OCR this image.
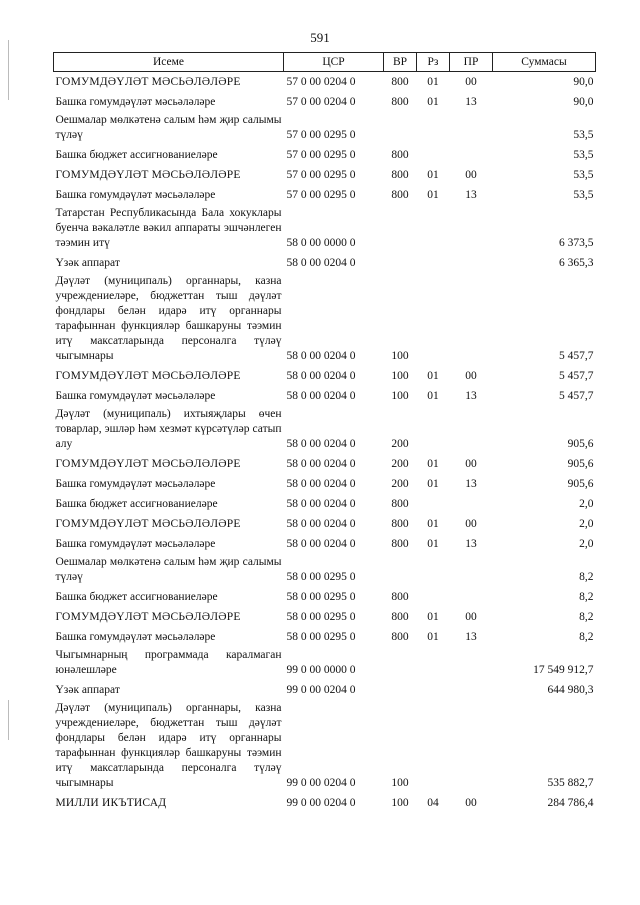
591
Исеме	ЦСР	ВР	Рз	ПР	Суммасы
ГОМУМДӘҮЛӘТ МӘСЬӘЛӘЛӘРЕ	57 0 00 0204 0	800	01	00	90,0
Башка гомумдәүләт мәсьәләләре	57 0 00 0204 0	800	01	13	90,0
Оешмалар мөлкәтенә салым һәм җир салымы түләү	57 0 00 0295 0				53,5
Башка бюджет ассигнованиеләре	57 0 00 0295 0	800			53,5
ГОМУМДӘҮЛӘТ МӘСЬӘЛӘЛӘРЕ	57 0 00 0295 0	800	01	00	53,5
Башка гомумдәүләт мәсьәләләре	57 0 00 0295 0	800	01	13	53,5
Татарстан Республикасында Бала хокуклары буенча вәкаләтле вәкил аппараты эшчәнлеген тәэмин итү	58 0 00 0000 0				6 373,5
Үзәк аппарат	58 0 00 0204 0				6 365,3
Дәүләт (муниципаль) органнары, казна учреждениеләре, бюджеттан тыш дәүләт фондлары белән идарә итү органнары тарафыннан функцияләр башкаруны тәэмин итү максатларында персоналга түләү чыгымнары	58 0 00 0204 0	100			5 457,7
ГОМУМДӘҮЛӘТ МӘСЬӘЛӘЛӘРЕ	58 0 00 0204 0	100	01	00	5 457,7
Башка гомумдәүләт мәсьәләләре	58 0 00 0204 0	100	01	13	5 457,7
Дәүләт (муниципаль) ихтыяҗлары өчен товарлар, эшләр һәм хезмәт күрсәтүләр сатып алу	58 0 00 0204 0	200			905,6
ГОМУМДӘҮЛӘТ МӘСЬӘЛӘЛӘРЕ	58 0 00 0204 0	200	01	00	905,6
Башка гомумдәүләт мәсьәләләре	58 0 00 0204 0	200	01	13	905,6
Башка бюджет ассигнованиеләре	58 0 00 0204 0	800			2,0
ГОМУМДӘҮЛӘТ МӘСЬӘЛӘЛӘРЕ	58 0 00 0204 0	800	01	00	2,0
Башка гомумдәүләт мәсьәләләре	58 0 00 0204 0	800	01	13	2,0
Оешмалар мөлкәтенә салым һәм җир салымы түләү	58 0 00 0295 0				8,2
Башка бюджет ассигнованиеләре	58 0 00 0295 0	800			8,2
ГОМУМДӘҮЛӘТ МӘСЬӘЛӘЛӘРЕ	58 0 00 0295 0	800	01	00	8,2
Башка гомумдәүләт мәсьәләләре	58 0 00 0295 0	800	01	13	8,2
Чыгымнарның программада каралмаган юнәлешләре	99 0 00 0000 0				17 549 912,7
Үзәк аппарат	99 0 00 0204 0				644 980,3
Дәүләт (муниципаль) органнары, казна учреждениеләре, бюджеттан тыш дәүләт фондлары белән идарә итү органнары тарафыннан функцияләр башкаруны тәэмин итү максатларында персоналга түләү чыгымнары	99 0 00 0204 0	100			535 882,7
МИЛЛИ ИКЪТИСАД	99 0 00 0204 0	100	04	00	284 786,4
